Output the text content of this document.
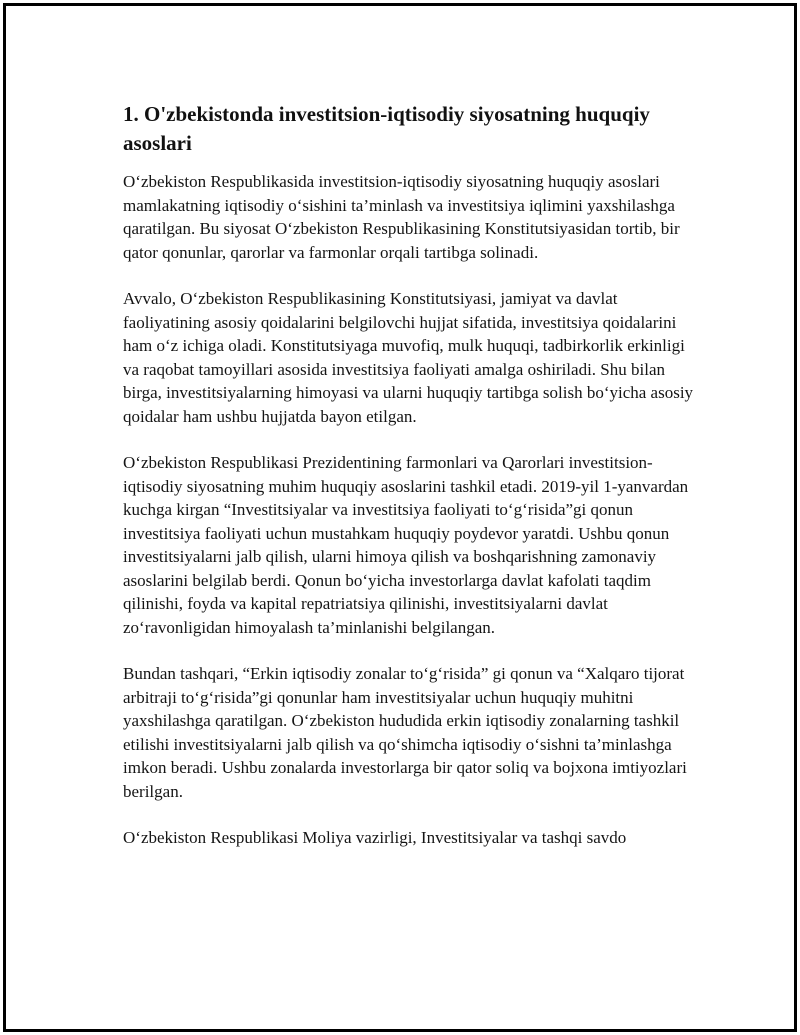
1. O'zbekistonda investitsion-iqtisodiy siyosatning huquqiy asoslari

O‘zbekiston Respublikasida investitsion-iqtisodiy siyosatning huquqiy asoslari mamlakatning iqtisodiy o‘sishini ta’minlash va investitsiya iqlimini yaxshilashga qaratilgan. Bu siyosat O‘zbekiston Respublikasining Konstitutsiyasidan tortib, bir qator qonunlar, qarorlar va farmonlar orqali tartibga solinadi.

Avvalo, O‘zbekiston Respublikasining Konstitutsiyasi, jamiyat va davlat faoliyatining asosiy qoidalarini belgilovchi hujjat sifatida, investitsiya qoidalarini ham o‘z ichiga oladi. Konstitutsiyaga muvofiq, mulk huquqi, tadbirkorlik erkinligi va raqobat tamoyillari asosida investitsiya faoliyati amalga oshiriladi. Shu bilan birga, investitsiyalarning himoyasi va ularni huquqiy tartibga solish bo‘yicha asosiy qoidalar ham ushbu hujjatda bayon etilgan.

O‘zbekiston Respublikasi Prezidentining farmonlari va Qarorlari investitsion-iqtisodiy siyosatning muhim huquqiy asoslarini tashkil etadi. 2019-yil 1-yanvardan kuchga kirgan “Investitsiyalar va investitsiya faoliyati to‘g‘risida”gi qonun investitsiya faoliyati uchun mustahkam huquqiy poydevor yaratdi. Ushbu qonun investitsiyalarni jalb qilish, ularni himoya qilish va boshqarishning zamonaviy asoslarini belgilab berdi. Qonun bo‘yicha investorlarga davlat kafolati taqdim qilinishi, foyda va kapital repatriatsiya qilinishi, investitsiyalarni davlat zo‘ravonligidan himoyalash ta’minlanishi belgilangan.

Bundan tashqari, “Erkin iqtisodiy zonalar to‘g‘risida” gi qonun va “Xalqaro tijorat arbitraji to‘g‘risida”gi qonunlar ham investitsiyalar uchun huquqiy muhitni yaxshilashga qaratilgan. O‘zbekiston hududida erkin iqtisodiy zonalarning tashkil etilishi investitsiyalarni jalb qilish va qo‘shimcha iqtisodiy o‘sishni ta’minlashga imkon beradi. Ushbu zonalarda investorlarga bir qator soliq va bojxona imtiyozlari berilgan.

O‘zbekiston Respublikasi Moliya vazirligi, Investitsiyalar va tashqi savdo
